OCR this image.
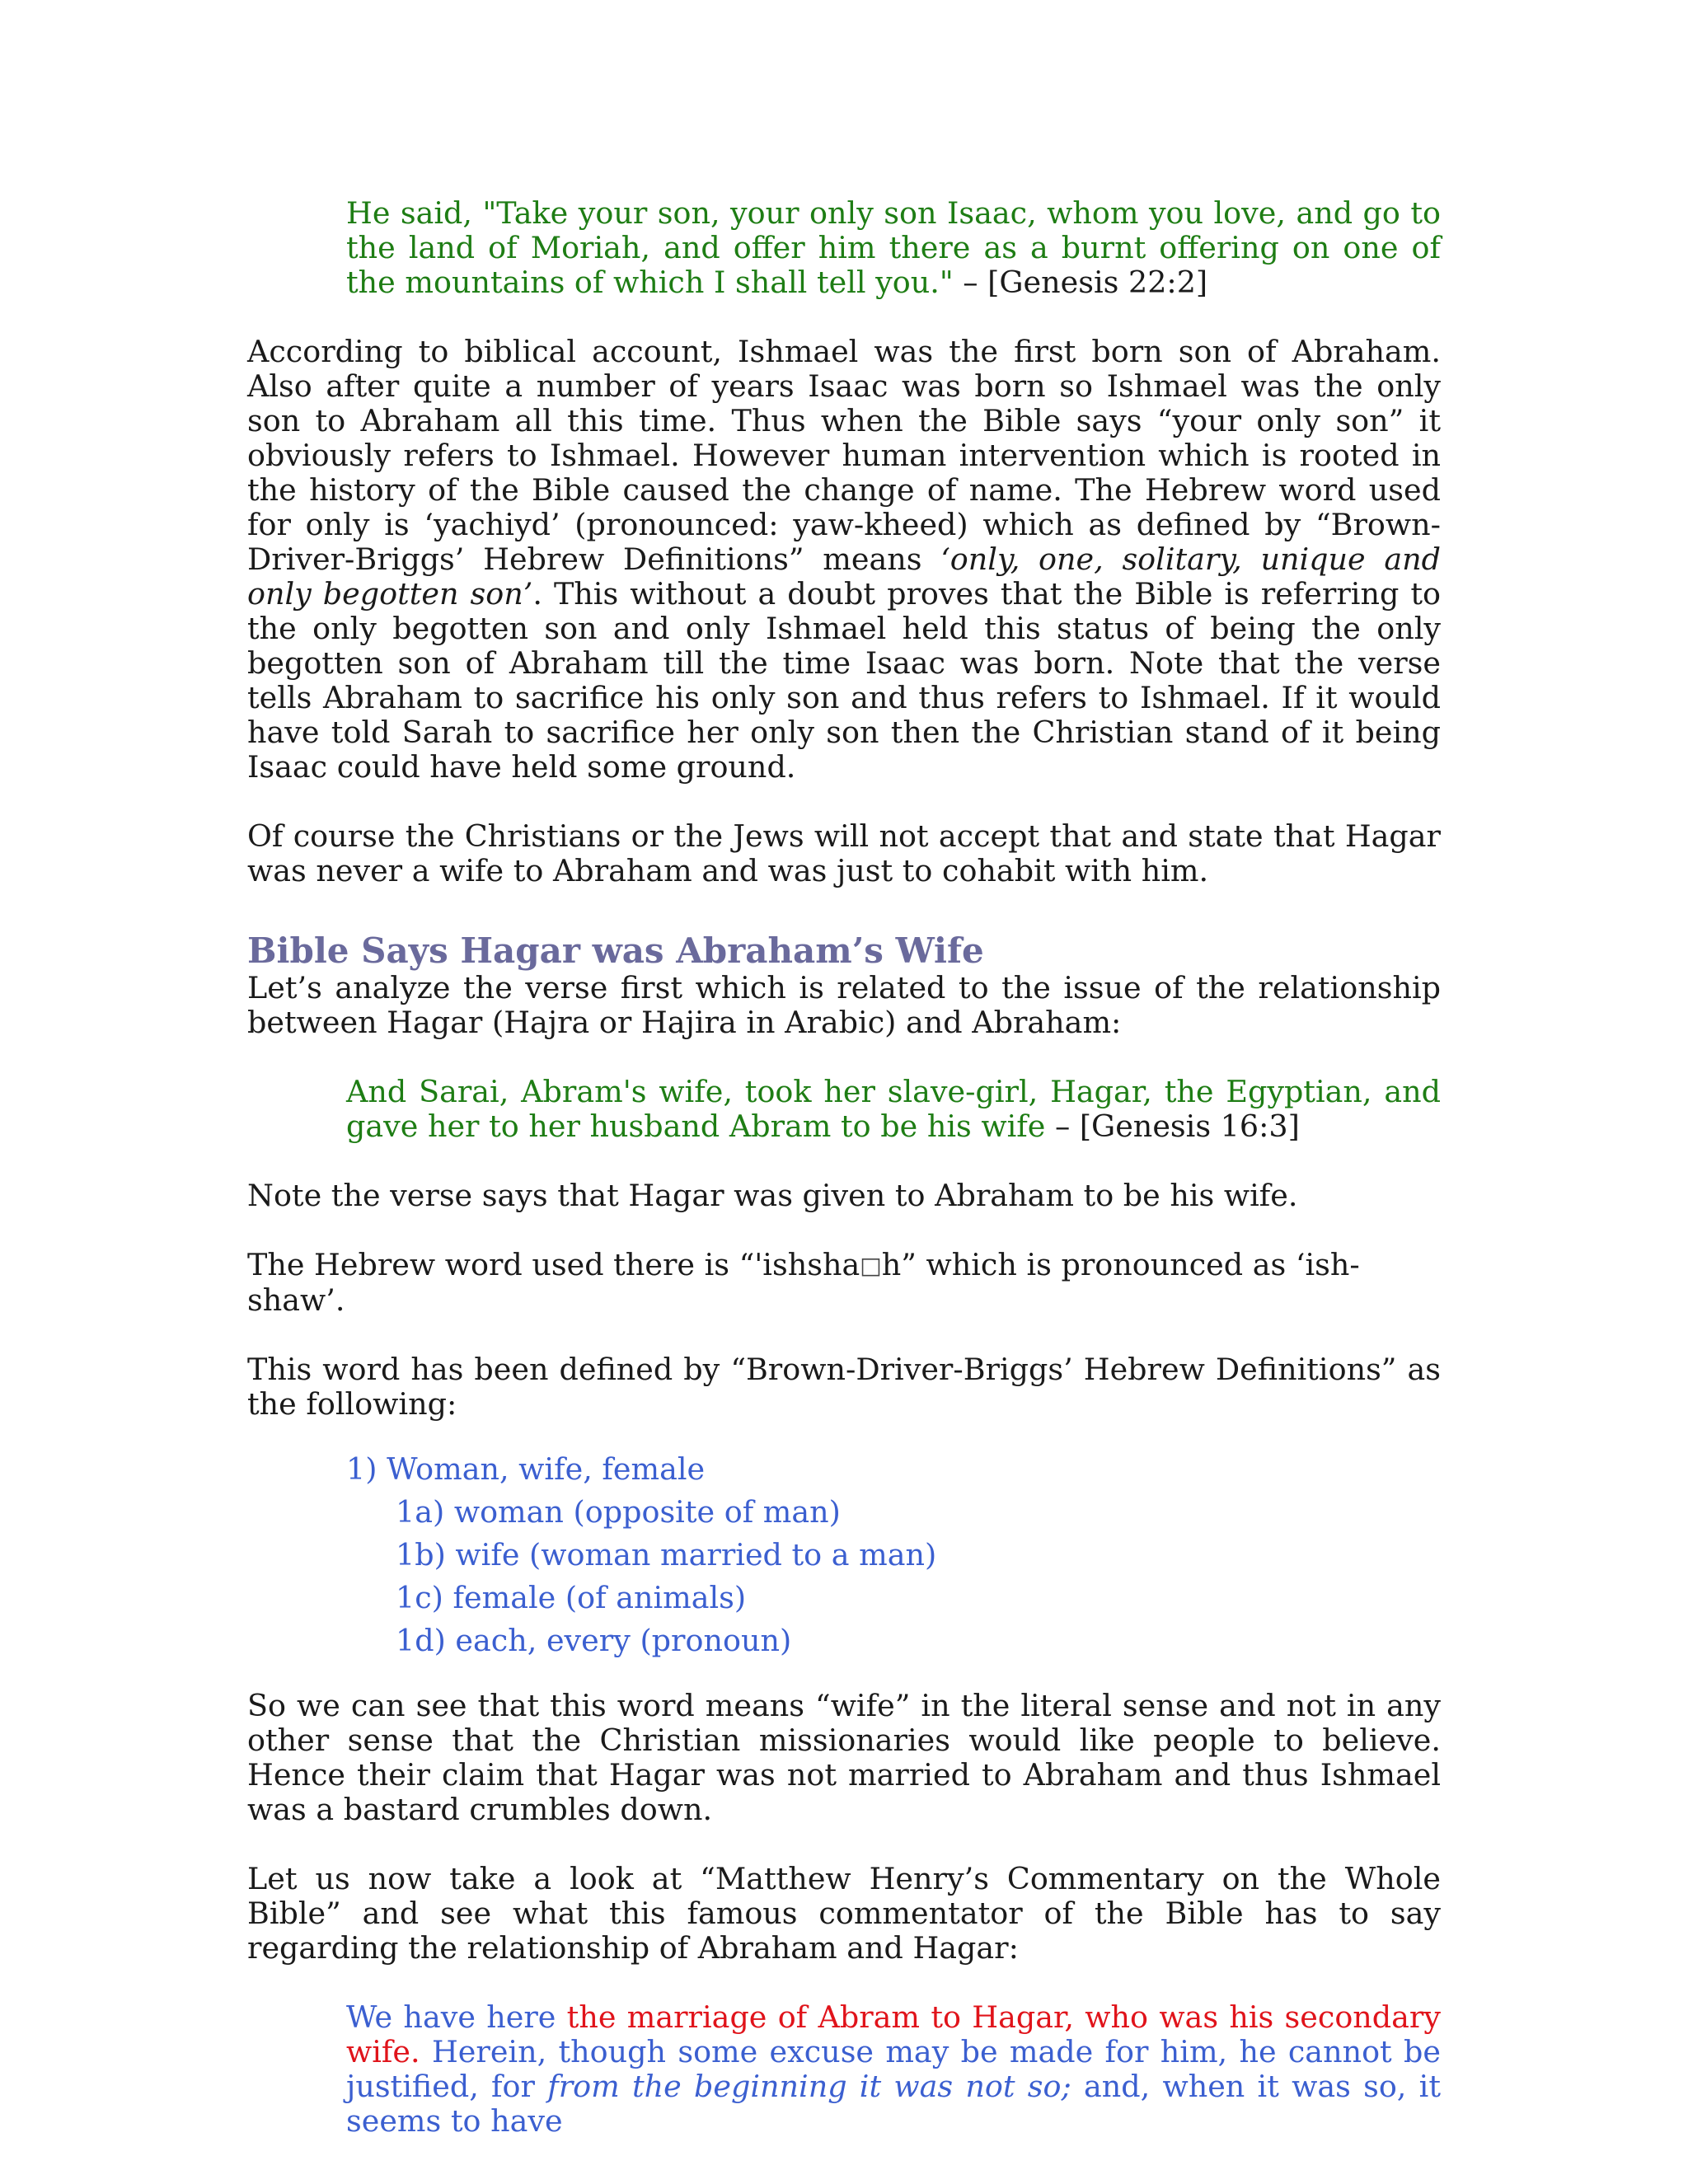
He said, "Take your son, your only son Isaac, whom you love, and go to the land of Moriah, and offer him there as a burnt offering on one of the mountains of which I shall tell you." – [Genesis 22:2]

According to biblical account, Ishmael was the first born son of Abraham. Also after quite a number of years Isaac was born so Ishmael was the only son to Abraham all this time. Thus when the Bible says “your only son” it obviously refers to Ishmael. However human intervention which is rooted in the history of the Bible caused the change of name. The Hebrew word used for only is ‘yachiyd’ (pronounced: yaw-kheed) which as defined by “Brown-Driver-Briggs’ Hebrew Definitions” means ‘only, one, solitary, unique and only begotten son’. This without a doubt proves that the Bible is referring to the only begotten son and only Ishmael held this status of being the only begotten son of Abraham till the time Isaac was born. Note that the verse tells Abraham to sacrifice his only son and thus refers to Ishmael. If it would have told Sarah to sacrifice her only son then the Christian stand of it being Isaac could have held some ground.

Of course the Christians or the Jews will not accept that and state that Hagar was never a wife to Abraham and was just to cohabit with him.

Bible Says Hagar was Abraham’s Wife

Let’s analyze the verse first which is related to the issue of the relationship between Hagar (Hajra or Hajira in Arabic) and Abraham:

And Sarai, Abram's wife, took her slave-girl, Hagar, the Egyptian, and gave her to her husband Abram to be his wife – [Genesis 16:3]

Note the verse says that Hagar was given to Abraham to be his wife.

The Hebrew word used there is “'ishsha□h” which is pronounced as ‘ish-shaw’.

This word has been defined by “Brown-Driver-Briggs’ Hebrew Definitions” as the following:

1) Woman, wife, female
1a) woman (opposite of man)
1b) wife (woman married to a man)
1c) female (of animals)
1d) each, every (pronoun)

So we can see that this word means “wife” in the literal sense and not in any other sense that the Christian missionaries would like people to believe. Hence their claim that Hagar was not married to Abraham and thus Ishmael was a bastard crumbles down.

Let us now take a look at “Matthew Henry’s Commentary on the Whole Bible” and see what this famous commentator of the Bible has to say regarding the relationship of Abraham and Hagar:

We have here the marriage of Abram to Hagar, who was his secondary wife. Herein, though some excuse may be made for him, he cannot be justified, for from the beginning it was not so; and, when it was so, it seems to have
